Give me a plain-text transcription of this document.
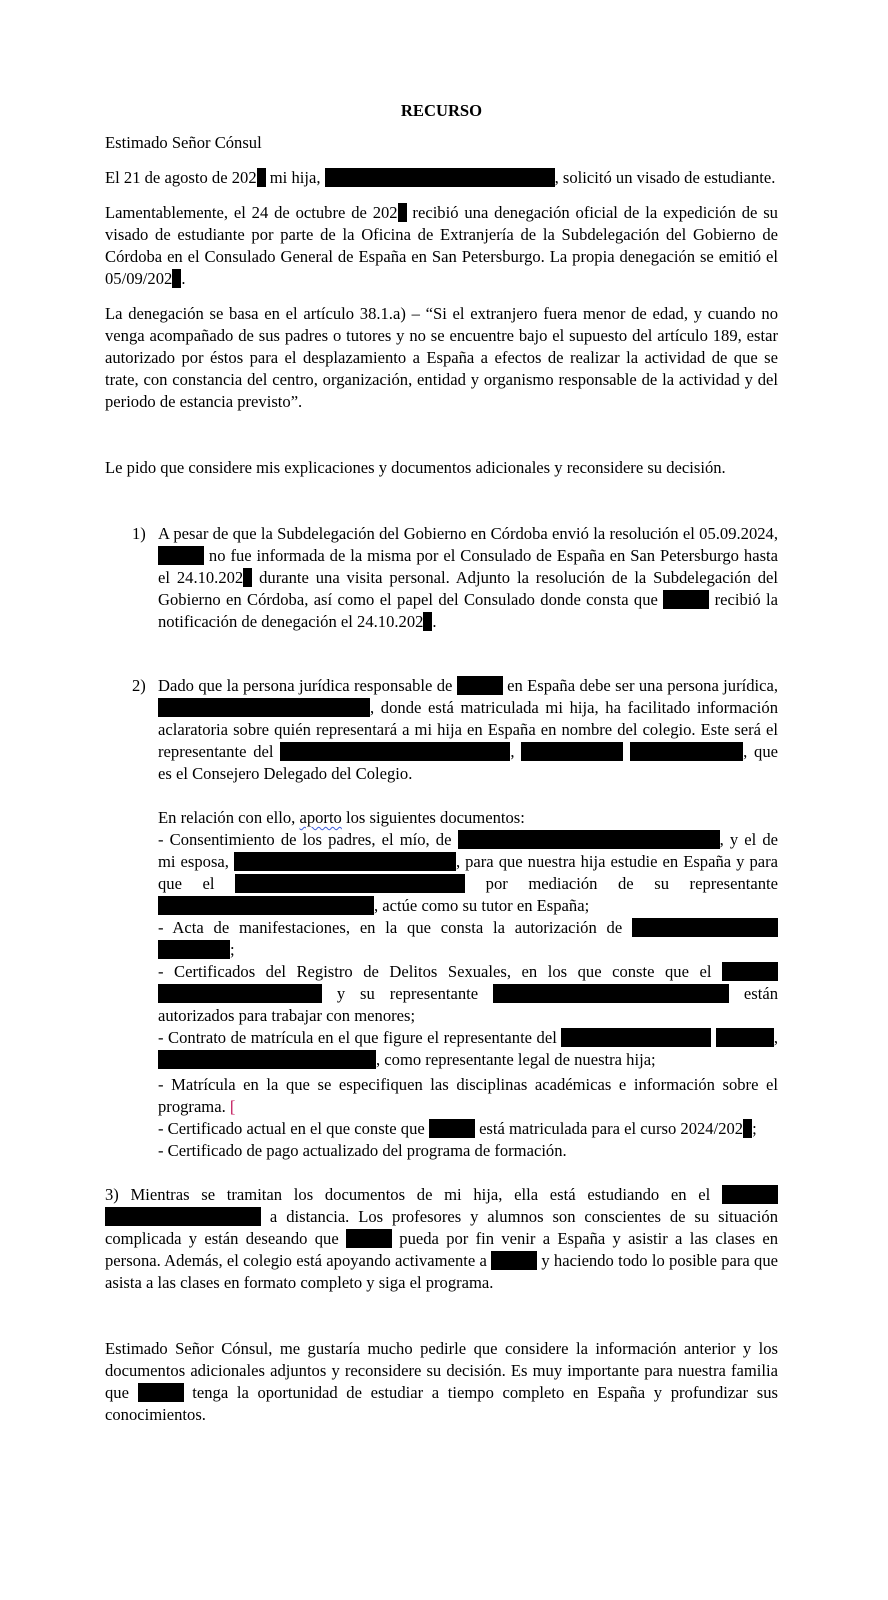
RECURSO

Estimado Señor Cónsul

El 21 de agosto de 202 mi hija,	, solicitó un visado de estudiante.

Lamentablemente, el 24 de octubre de 202 recibió una denegación oficial de la expedición de su visado de estudiante por parte de la Oficina de Extranjería de la Subdelegación del Gobierno de Córdoba en el Consulado General de España en San Petersburgo. La propia denegación se emitió el 05/09/202 .

La denegación se basa en el artículo 38.1.a) – “Si el extranjero fuera menor de edad, y cuando no venga acompañado de sus padres o tutores y no se encuentre bajo el supuesto del artículo 189, estar autorizado por éstos para el desplazamiento a España a efectos de realizar la actividad de que se trate, con constancia del centro, organización, entidad y organismo responsable de la actividad y del periodo de estancia previsto”.

Le pido que considere mis explicaciones y documentos adicionales y reconsidere su decisión.

1) A pesar de que la Subdelegación del Gobierno en Córdoba envió la resolución el 05.09.2024,  no fue informada de la misma por el Consulado de España en San Petersburgo hasta el 24.10.202 durante una visita personal. Adjunto la resolución de la Subdelegación del Gobierno en Córdoba, así como el papel del Consulado donde consta que	recibió la notificación de denegación el 24.10.202 .
2) Dado que la persona jurídica responsable de	en España debe ser una persona jurídica, , donde está matriculada mi hija, ha facilitado información aclaratoria sobre quién representará a mi hija en España en nombre del colegio. Este será el representante del	,	, que es el Consejero Delegado del Colegio.

En relación con ello, aporto los siguientes documentos:

- Consentimiento de los padres, el mío, de	, y el de mi esposa,	, para que nuestra hija estudie en España y para que el	por mediación de su representante , actúe como su tutor en España;

- Acta de manifestaciones, en la que consta la autorización de  ;

- Certificados del Registro de Delitos Sexuales, en los que conste que el   y su representante	están autorizados para trabajar con menores;

- Contrato de matrícula en el que figure el representante del	, , como representante legal de nuestra hija;

- Matrícula en la que se especifiquen las disciplinas académicas e información sobre el programa. [

- Certificado actual en el que conste que	está matriculada para el curso 2024/202 ;

- Certificado de pago actualizado del programa de formación.

3) Mientras se tramitan los documentos de mi hija, ella está estudiando en el   a distancia. Los profesores y alumnos son conscientes de su situación complicada y están deseando que	pueda por fin venir a España y asistir a las clases en persona. Además, el colegio está apoyando activamente a	y haciendo todo lo posible para que asista a las clases en formato completo y siga el programa.

Estimado Señor Cónsul, me gustaría mucho pedirle que considere la información anterior y los documentos adicionales adjuntos y reconsidere su decisión. Es muy importante para nuestra familia que	tenga la oportunidad de estudiar a tiempo completo en España y profundizar sus conocimientos.
